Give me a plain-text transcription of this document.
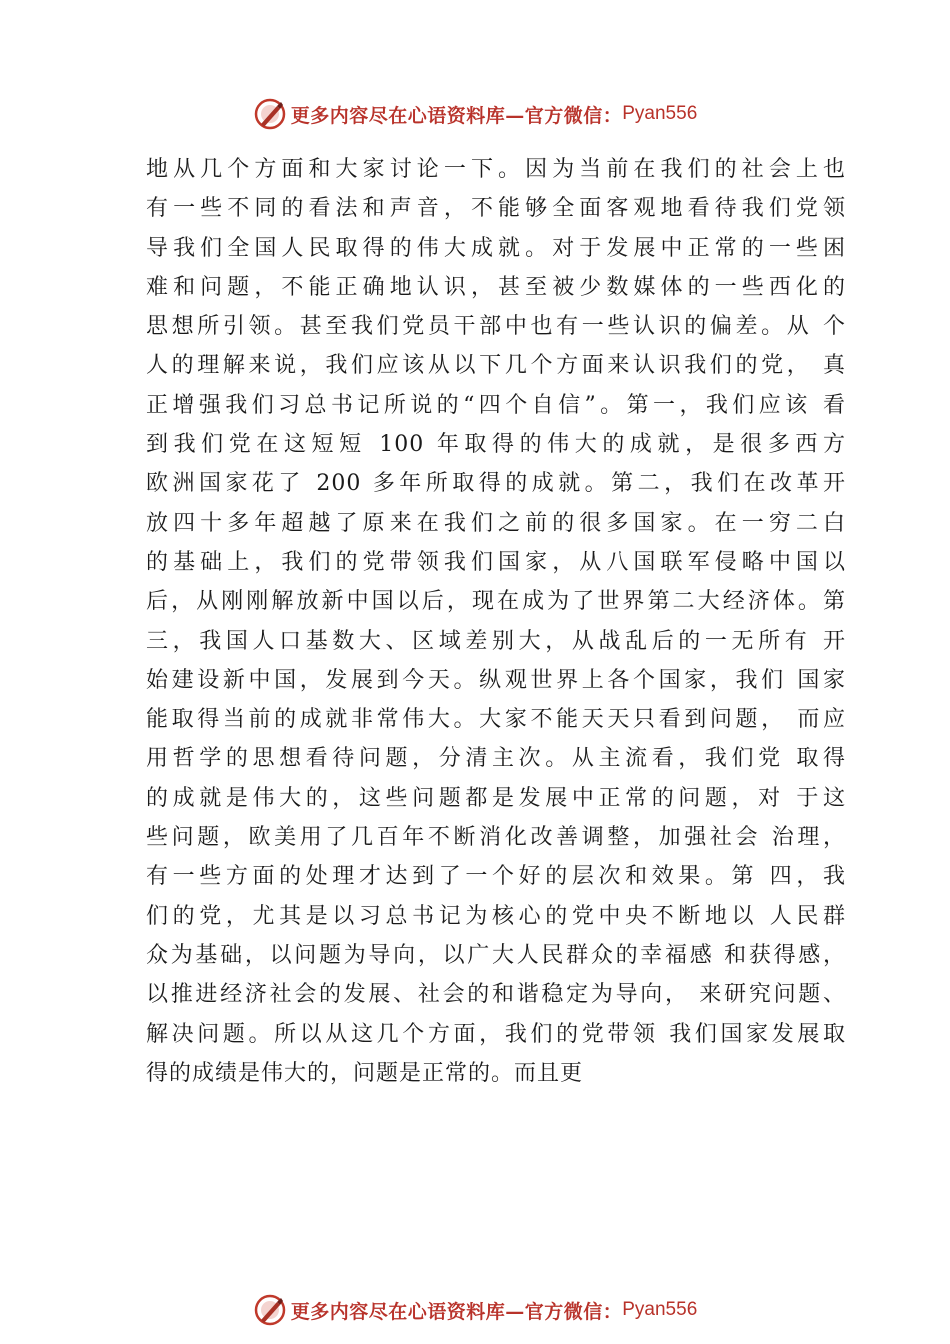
更多内容尽在心语资料库—官方微信： Pyan556
地从几个方面和大家讨论一下。因为当前在我们的社会上也
有一些不同的看法和声音，不能够全面客观地看待我们党领
导我们全国人民取得的伟大成就。对于发展中正常的一些困
难和问题，不能正确地认识，甚至被少数媒体的一些西化的
思想所引领。甚至我们党员干部中也有一些认识的偏差。从 个
人的理解来说，我们应该从以下几个方面来认识我们的党， 真
正增强我们习总书记所说的“四个自信”。第一，我们应该 看
到我们党在这短短 100 年取得的伟大的成就，是很多西方
欧洲国家花了 200 多年所取得的成就。第二，我们在改革开
放四十多年超越了原来在我们之前的很多国家。在一穷二白
的基础上，我们的党带领我们国家，从八国联军侵略中国以
后，从刚刚解放新中国以后，现在成为了世界第二大经济体。第
三，我国人口基数大、区域差别大，从战乱后的一无所有 开
始建设新中国，发展到今天。纵观世界上各个国家，我们 国家
能取得当前的成就非常伟大。大家不能天天只看到问题， 而应
用哲学的思想看待问题，分清主次。从主流看，我们党 取得
的成就是伟大的，这些问题都是发展中正常的问题，对 于这
些问题，欧美用了几百年不断消化改善调整，加强社会 治理，
有一些方面的处理才达到了一个好的层次和效果。第 四，我
们的党，尤其是以习总书记为核心的党中央不断地以 人民群
众为基础，以问题为导向，以广大人民群众的幸福感 和获得感，
以推进经济社会的发展、社会的和谐稳定为导向， 来研究问题、
解决问题。所以从这几个方面，我们的党带领 我们国家发展取
得的成绩是伟大的，问题是正常的。而且更
更多内容尽在心语资料库—官方微信： Pyan556
